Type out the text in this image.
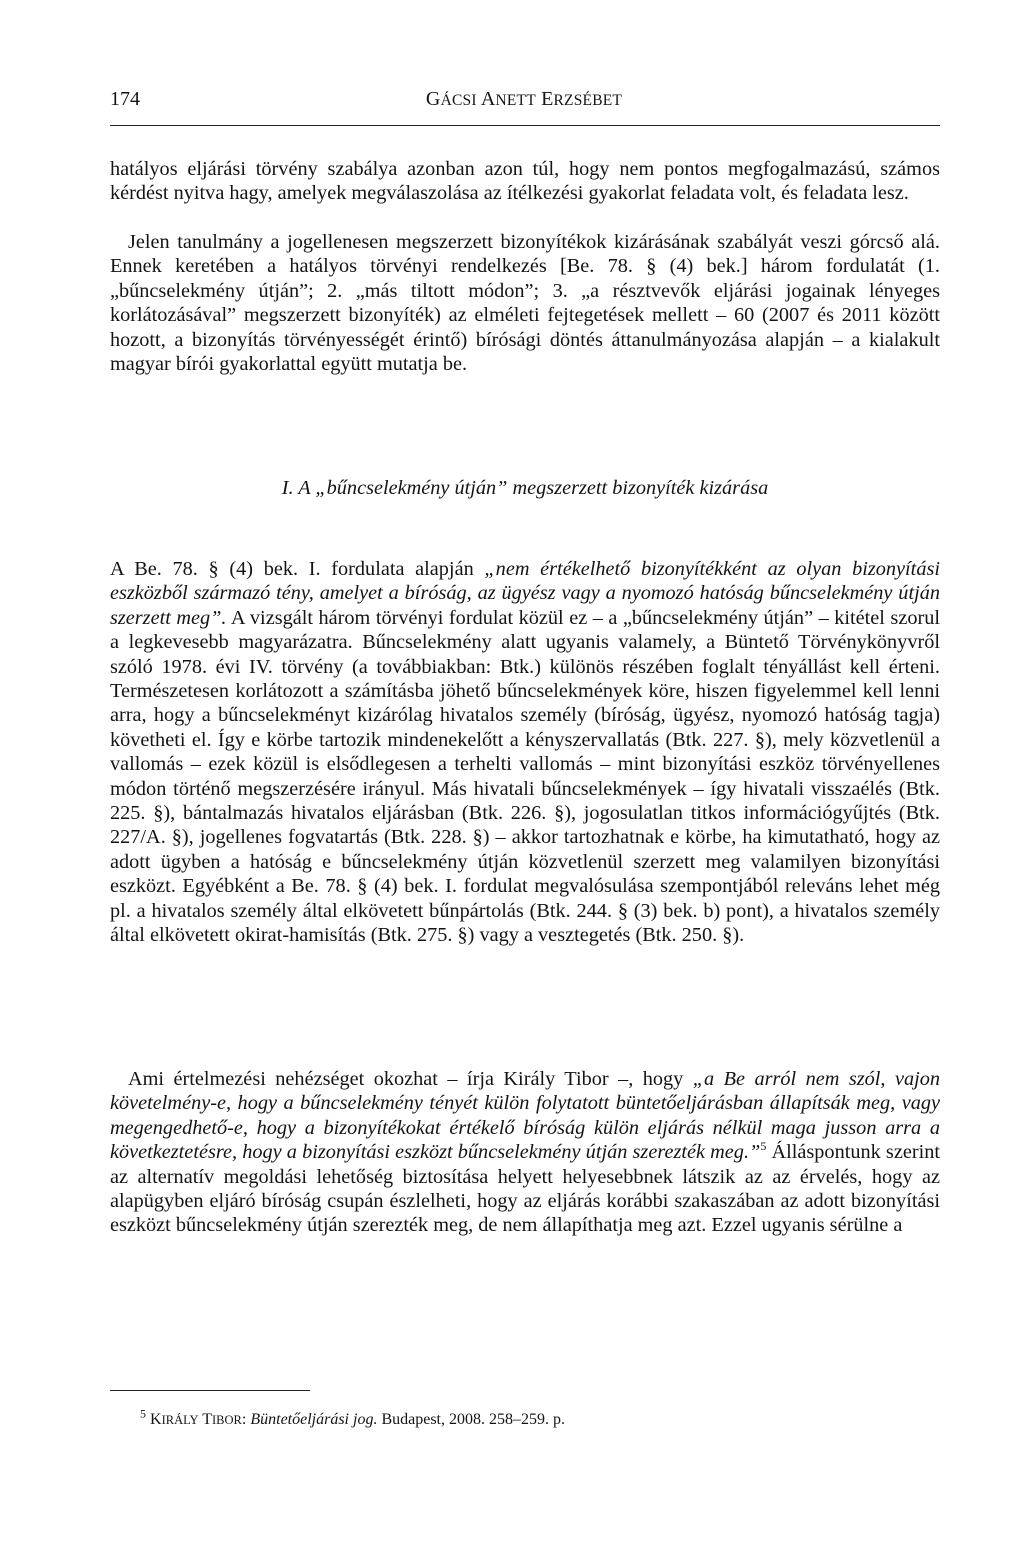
174	GÁCSI ANETT ERZSÉBET

hatályos eljárási törvény szabálya azonban azon túl, hogy nem pontos megfogalmazású, számos kérdést nyitva hagy, amelyek megválaszolása az ítélkezési gyakorlat feladata volt, és feladata lesz.

Jelen tanulmány a jogellenesen megszerzett bizonyítékok kizárásának szabályát veszi górcső alá. Ennek keretében a hatályos törvényi rendelkezés [Be. 78. § (4) bek.] három fordulatát (1. „bűncselekmény útján”; 2. „más tiltott módon”; 3. „a résztvevők eljárási jogainak lényeges korlátozásával” megszerzett bizonyíték) az elméleti fejtegetések mellett – 60 (2007 és 2011 között hozott, a bizonyítás törvényességét érintő) bírósági döntés áttanulmányozása alapján – a kialakult magyar bírói gyakorlattal együtt mutatja be.

I. A „bűncselekmény útján” megszerzett bizonyíték kizárása

A Be. 78. § (4) bek. I. fordulata alapján „nem értékelhető bizonyítékként az olyan bizonyítási eszközből származó tény, amelyet a bíróság, az ügyész vagy a nyomozó hatóság bűncselekmény útján szerzett meg”. A vizsgált három törvényi fordulat közül ez – a „bűncselekmény útján” – kitétel szorul a legkevesebb magyarázatra. Bűncselekmény alatt ugyanis valamely, a Büntető Törvénykönyvről szóló 1978. évi IV. törvény (a továbbiakban: Btk.) különös részében foglalt tényállást kell érteni. Természetesen korlátozott a számításba jöhető bűncselekmények köre, hiszen figyelemmel kell lenni arra, hogy a bűncselekményt kizárólag hivatalos személy (bíróság, ügyész, nyomozó hatóság tagja) követheti el. Így e körbe tartozik mindenekelőtt a kényszervallatás (Btk. 227. §), mely közvetlenül a vallomás – ezek közül is elsődlegesen a terhelti vallomás – mint bizonyítási eszköz törvényellenes módon történő megszerzésére irányul. Más hivatali bűncselekmények – így hivatali visszaélés (Btk. 225. §), bántalmazás hivatalos eljárásban (Btk. 226. §), jogosulatlan titkos információgyűjtés (Btk. 227/A. §), jogellenes fogvatartás (Btk. 228. §) – akkor tartozhatnak e körbe, ha kimutatható, hogy az adott ügyben a hatóság e bűncselekmény útján közvetlenül szerzett meg valamilyen bizonyítási eszközt. Egyébként a Be. 78. § (4) bek. I. fordulat megvalósulása szempontjából releváns lehet még pl. a hivatalos személy által elkövetett bűnpártolás (Btk. 244. § (3) bek. b) pont), a hivatalos személy által elkövetett okirat-hamisítás (Btk. 275. §) vagy a vesztegetés (Btk. 250. §).

Ami értelmezési nehézséget okozhat – írja Király Tibor –, hogy „a Be arról nem szól, vajon követelmény-e, hogy a bűncselekmény tényét külön folytatott büntetőeljárásban állapítsák meg, vagy megengedhető-e, hogy a bizonyítékokat értékelő bíróság külön eljárás nélkül maga jusson arra a következtetésre, hogy a bizonyítási eszközt bűncselekmény útján szerezték meg.”$^5$ Álláspontunk szerint az alternatív megoldási lehetőség biztosítása helyett helyesebbnek látszik az az érvelés, hogy az alapügyben eljáró bíróság csupán észlelheti, hogy az eljárás korábbi szakaszában az adott bizonyítási eszközt bűncselekmény útján szerezték meg, de nem állapíthatja meg azt. Ezzel ugyanis sérülne a

$^5$ KIRÁLY TIBOR: Büntetőeljárási jog. Budapest, 2008. 258–259. p.
